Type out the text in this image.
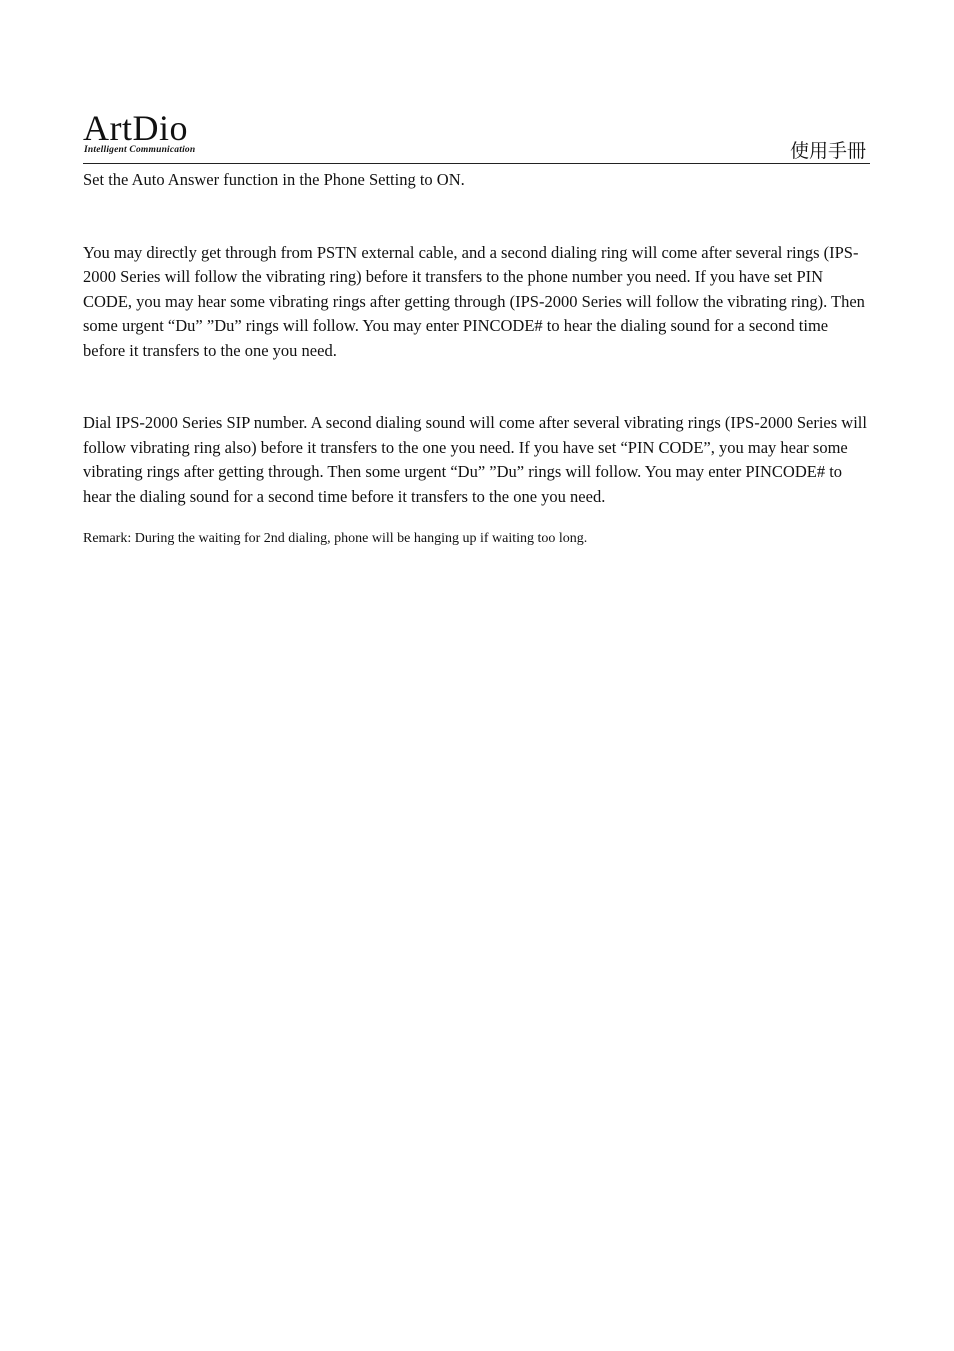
ArtDio
Intelligent Communication	使用手冊

Set the Auto Answer function in the Phone Setting to ON.

You may directly get through from PSTN external cable, and a second dialing ring will come after several rings (IPS-2000 Series will follow the vibrating ring) before it transfers to the phone number you need. If you have set PIN CODE, you may hear some vibrating rings after getting through (IPS-2000 Series will follow the vibrating ring). Then some urgent “Du” ”Du” rings will follow. You may enter PINCODE# to hear the dialing sound for a second time before it transfers to the one you need.

Dial IPS-2000 Series SIP number. A second dialing sound will come after several vibrating rings (IPS-2000 Series will follow vibrating ring also) before it transfers to the one you need. If you have set “PIN CODE”, you may hear some vibrating rings after getting through. Then some urgent “Du” ”Du” rings will follow. You may enter PINCODE# to hear the dialing sound for a second time before it transfers to the one you need.

Remark: During the waiting for 2nd dialing, phone will be hanging up if waiting too long.
